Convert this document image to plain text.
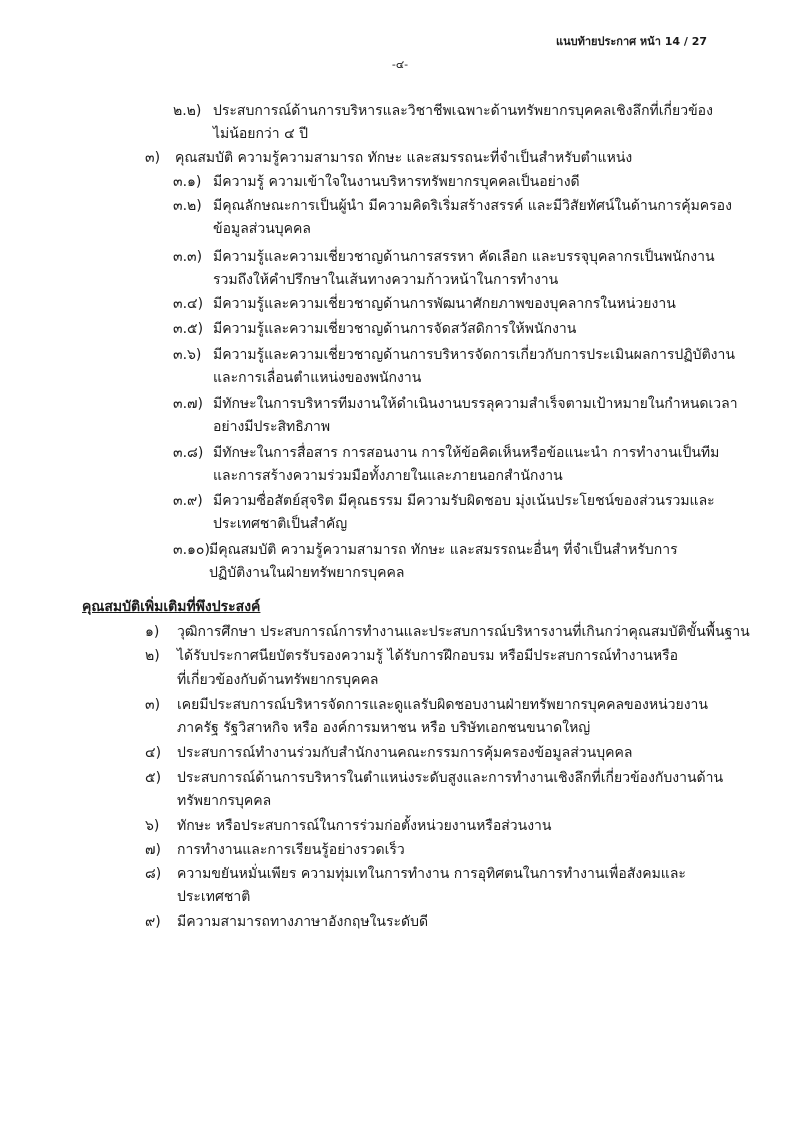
แนบท้ายประกาศ หน้า 14 / 27
-๔-
๒.๒) ประสบการณ์ด้านการบริหารและวิชาชีพเฉพาะด้านทรัพยากรบุคคลเชิงลึกที่เกี่ยวข้อง
ไม่น้อยกว่า ๔ ปี
๓) คุณสมบัติ ความรู้ความสามารถ ทักษะ และสมรรถนะที่จำเป็นสำหรับตำแหน่ง
๓.๑) มีความรู้ ความเข้าใจในงานบริหารทรัพยากรบุคคลเป็นอย่างดี
๓.๒) มีคุณลักษณะการเป็นผู้นำ มีความคิดริเริ่มสร้างสรรค์ และมีวิสัยทัศน์ในด้านการคุ้มครอง
ข้อมูลส่วนบุคคล
๓.๓) มีความรู้และความเชี่ยวชาญด้านการสรรหา คัดเลือก และบรรจุบุคลากรเป็นพนักงาน
รวมถึงให้คำปรึกษาในเส้นทางความก้าวหน้าในการทำงาน
๓.๔) มีความรู้และความเชี่ยวชาญด้านการพัฒนาศักยภาพของบุคลากรในหน่วยงาน
๓.๕) มีความรู้และความเชี่ยวชาญด้านการจัดสวัสดิการให้พนักงาน
๓.๖) มีความรู้และความเชี่ยวชาญด้านการบริหารจัดการเกี่ยวกับการประเมินผลการปฏิบัติงาน
และการเลื่อนตำแหน่งของพนักงาน
๓.๗) มีทักษะในการบริหารทีมงานให้ดำเนินงานบรรลุความสำเร็จตามเป้าหมายในกำหนดเวลา
อย่างมีประสิทธิภาพ
๓.๘) มีทักษะในการสื่อสาร การสอนงาน การให้ข้อคิดเห็นหรือข้อแนะนำ การทำงานเป็นทีม
และการสร้างความร่วมมือทั้งภายในและภายนอกสำนักงาน
๓.๙) มีความซื่อสัตย์สุจริต มีคุณธรรม มีความรับผิดชอบ มุ่งเน้นประโยชน์ของส่วนรวมและ
ประเทศชาติเป็นสำคัญ
๓.๑๐) มีคุณสมบัติ ความรู้ความสามารถ ทักษะ และสมรรถนะอื่นๆ ที่จำเป็นสำหรับการ
ปฏิบัติงานในฝ่ายทรัพยากรบุคคล
คุณสมบัติเพิ่มเติมที่พึงประสงค์
๑) วุฒิการศึกษา ประสบการณ์การทำงานและประสบการณ์บริหารงานที่เกินกว่าคุณสมบัติขั้นพื้นฐาน
๒) ได้รับประกาศนียบัตรรับรองความรู้ ได้รับการฝึกอบรม หรือมีประสบการณ์ทำงานหรือ
ที่เกี่ยวข้องกับด้านทรัพยากรบุคคล
๓) เคยมีประสบการณ์บริหารจัดการและดูแลรับผิดชอบงานฝ่ายทรัพยากรบุคคลของหน่วยงาน
ภาครัฐ รัฐวิสาหกิจ หรือ องค์การมหาชน หรือ บริษัทเอกชนขนาดใหญ่
๔) ประสบการณ์ทำงานร่วมกับสำนักงานคณะกรรมการคุ้มครองข้อมูลส่วนบุคคล
๕) ประสบการณ์ด้านการบริหารในตำแหน่งระดับสูงและการทำงานเชิงลึกที่เกี่ยวข้องกับงานด้าน
ทรัพยากรบุคคล
๖) ทักษะ หรือประสบการณ์ในการร่วมก่อตั้งหน่วยงานหรือส่วนงาน
๗) การทำงานและการเรียนรู้อย่างรวดเร็ว
๘) ความขยันหมั่นเพียร ความทุ่มเทในการทำงาน การอุทิศตนในการทำงานเพื่อสังคมและ
ประเทศชาติ
๙) มีความสามารถทางภาษาอังกฤษในระดับดี
